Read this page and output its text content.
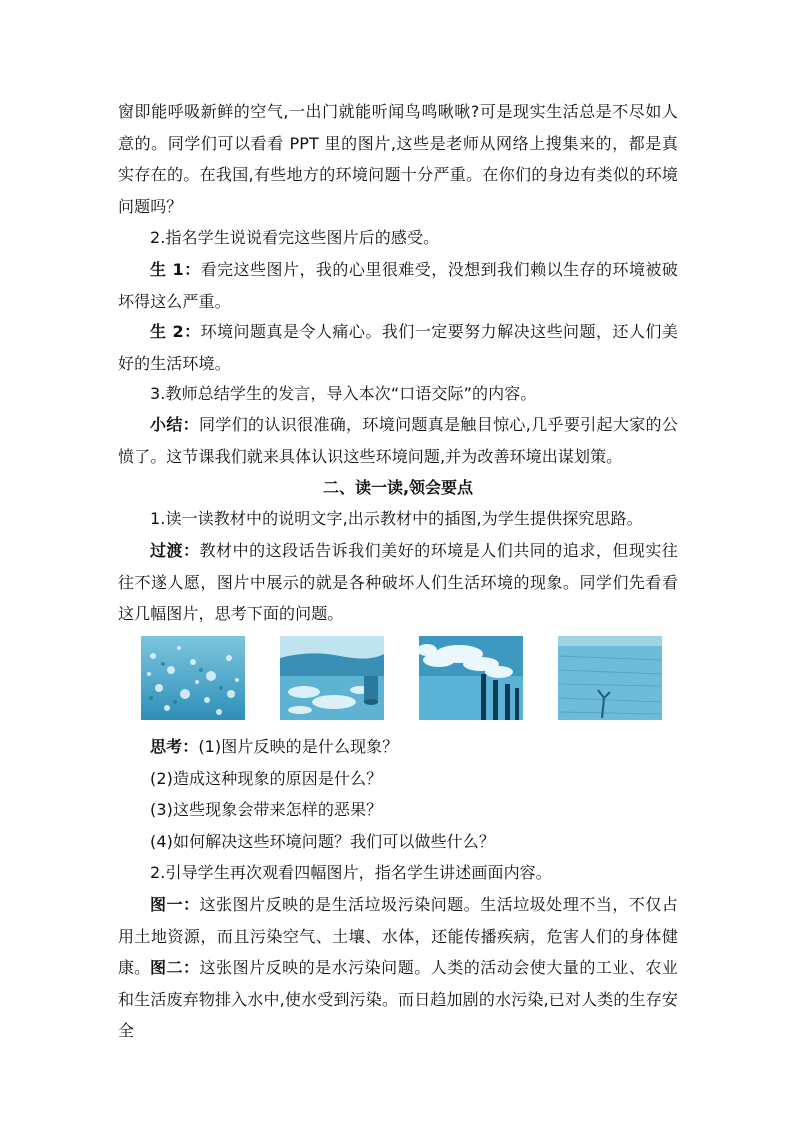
窗即能呼吸新鲜的空气,一出门就能听闻鸟鸣啾啾?可是现实生活总是不尽如人意的。同学们可以看看 PPT 里的图片,这些是老师从网络上搜集来的，都是真实存在的。在我国,有些地方的环境问题十分严重。在你们的身边有类似的环境问题吗？

2.指名学生说说看完这些图片后的感受。

生 1：看完这些图片，我的心里很难受，没想到我们赖以生存的环境被破坏得这么严重。

生 2：环境问题真是令人痛心。我们一定要努力解决这些问题，还人们美好的生活环境。

3.教师总结学生的发言，导入本次“口语交际”的内容。

小结：同学们的认识很准确，环境问题真是触目惊心,几乎要引起大家的公愤了。这节课我们就来具体认识这些环境问题,并为改善环境出谋划策。

二、读一读,领会要点

1.读一读教材中的说明文字,出示教材中的插图,为学生提供探究思路。

过渡：教材中的这段话告诉我们美好的环境是人们共同的追求，但现实往往不遂人愿，图片中展示的就是各种破坏人们生活环境的现象。同学们先看看这几幅图片，思考下面的问题。

思考：(1)图片反映的是什么现象？

(2)造成这种现象的原因是什么？

(3)这些现象会带来怎样的恶果？

(4)如何解决这些环境问题？我们可以做些什么？

2.引导学生再次观看四幅图片，指名学生讲述画面内容。

图一：这张图片反映的是生活垃圾污染问题。生活垃圾处理不当，不仅占用土地资源，而且污染空气、土壤、水体，还能传播疾病，危害人们的身体健康。 图二：这张图片反映的是水污染问题。人类的活动会使大量的工业、农业和生活废弃物排入水中,使水受到污染。而日趋加剧的水污染,已对人类的生存安全
